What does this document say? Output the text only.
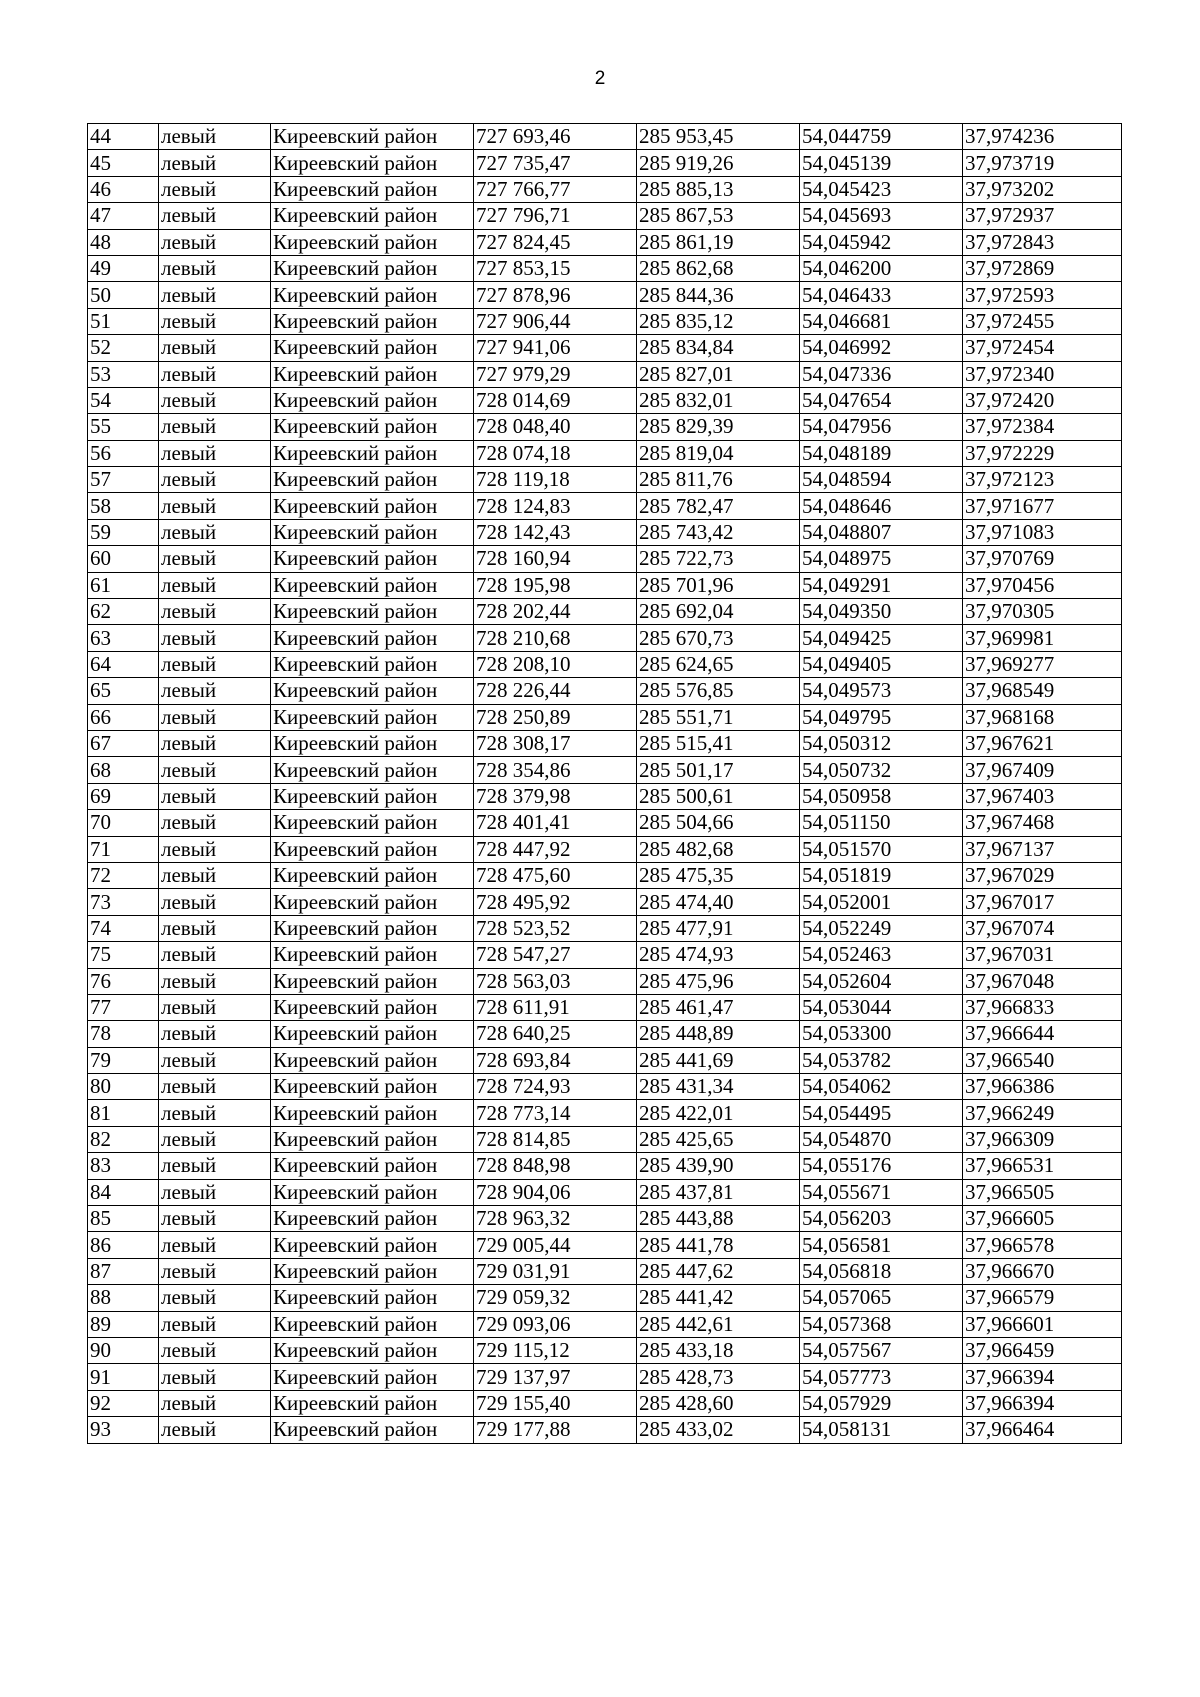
2
44	левый	Киреевский район	727 693,46	285 953,45	54,044759	37,974236
45	левый	Киреевский район	727 735,47	285 919,26	54,045139	37,973719
46	левый	Киреевский район	727 766,77	285 885,13	54,045423	37,973202
47	левый	Киреевский район	727 796,71	285 867,53	54,045693	37,972937
48	левый	Киреевский район	727 824,45	285 861,19	54,045942	37,972843
49	левый	Киреевский район	727 853,15	285 862,68	54,046200	37,972869
50	левый	Киреевский район	727 878,96	285 844,36	54,046433	37,972593
51	левый	Киреевский район	727 906,44	285 835,12	54,046681	37,972455
52	левый	Киреевский район	727 941,06	285 834,84	54,046992	37,972454
53	левый	Киреевский район	727 979,29	285 827,01	54,047336	37,972340
54	левый	Киреевский район	728 014,69	285 832,01	54,047654	37,972420
55	левый	Киреевский район	728 048,40	285 829,39	54,047956	37,972384
56	левый	Киреевский район	728 074,18	285 819,04	54,048189	37,972229
57	левый	Киреевский район	728 119,18	285 811,76	54,048594	37,972123
58	левый	Киреевский район	728 124,83	285 782,47	54,048646	37,971677
59	левый	Киреевский район	728 142,43	285 743,42	54,048807	37,971083
60	левый	Киреевский район	728 160,94	285 722,73	54,048975	37,970769
61	левый	Киреевский район	728 195,98	285 701,96	54,049291	37,970456
62	левый	Киреевский район	728 202,44	285 692,04	54,049350	37,970305
63	левый	Киреевский район	728 210,68	285 670,73	54,049425	37,969981
64	левый	Киреевский район	728 208,10	285 624,65	54,049405	37,969277
65	левый	Киреевский район	728 226,44	285 576,85	54,049573	37,968549
66	левый	Киреевский район	728 250,89	285 551,71	54,049795	37,968168
67	левый	Киреевский район	728 308,17	285 515,41	54,050312	37,967621
68	левый	Киреевский район	728 354,86	285 501,17	54,050732	37,967409
69	левый	Киреевский район	728 379,98	285 500,61	54,050958	37,967403
70	левый	Киреевский район	728 401,41	285 504,66	54,051150	37,967468
71	левый	Киреевский район	728 447,92	285 482,68	54,051570	37,967137
72	левый	Киреевский район	728 475,60	285 475,35	54,051819	37,967029
73	левый	Киреевский район	728 495,92	285 474,40	54,052001	37,967017
74	левый	Киреевский район	728 523,52	285 477,91	54,052249	37,967074
75	левый	Киреевский район	728 547,27	285 474,93	54,052463	37,967031
76	левый	Киреевский район	728 563,03	285 475,96	54,052604	37,967048
77	левый	Киреевский район	728 611,91	285 461,47	54,053044	37,966833
78	левый	Киреевский район	728 640,25	285 448,89	54,053300	37,966644
79	левый	Киреевский район	728 693,84	285 441,69	54,053782	37,966540
80	левый	Киреевский район	728 724,93	285 431,34	54,054062	37,966386
81	левый	Киреевский район	728 773,14	285 422,01	54,054495	37,966249
82	левый	Киреевский район	728 814,85	285 425,65	54,054870	37,966309
83	левый	Киреевский район	728 848,98	285 439,90	54,055176	37,966531
84	левый	Киреевский район	728 904,06	285 437,81	54,055671	37,966505
85	левый	Киреевский район	728 963,32	285 443,88	54,056203	37,966605
86	левый	Киреевский район	729 005,44	285 441,78	54,056581	37,966578
87	левый	Киреевский район	729 031,91	285 447,62	54,056818	37,966670
88	левый	Киреевский район	729 059,32	285 441,42	54,057065	37,966579
89	левый	Киреевский район	729 093,06	285 442,61	54,057368	37,966601
90	левый	Киреевский район	729 115,12	285 433,18	54,057567	37,966459
91	левый	Киреевский район	729 137,97	285 428,73	54,057773	37,966394
92	левый	Киреевский район	729 155,40	285 428,60	54,057929	37,966394
93	левый	Киреевский район	729 177,88	285 433,02	54,058131	37,966464
